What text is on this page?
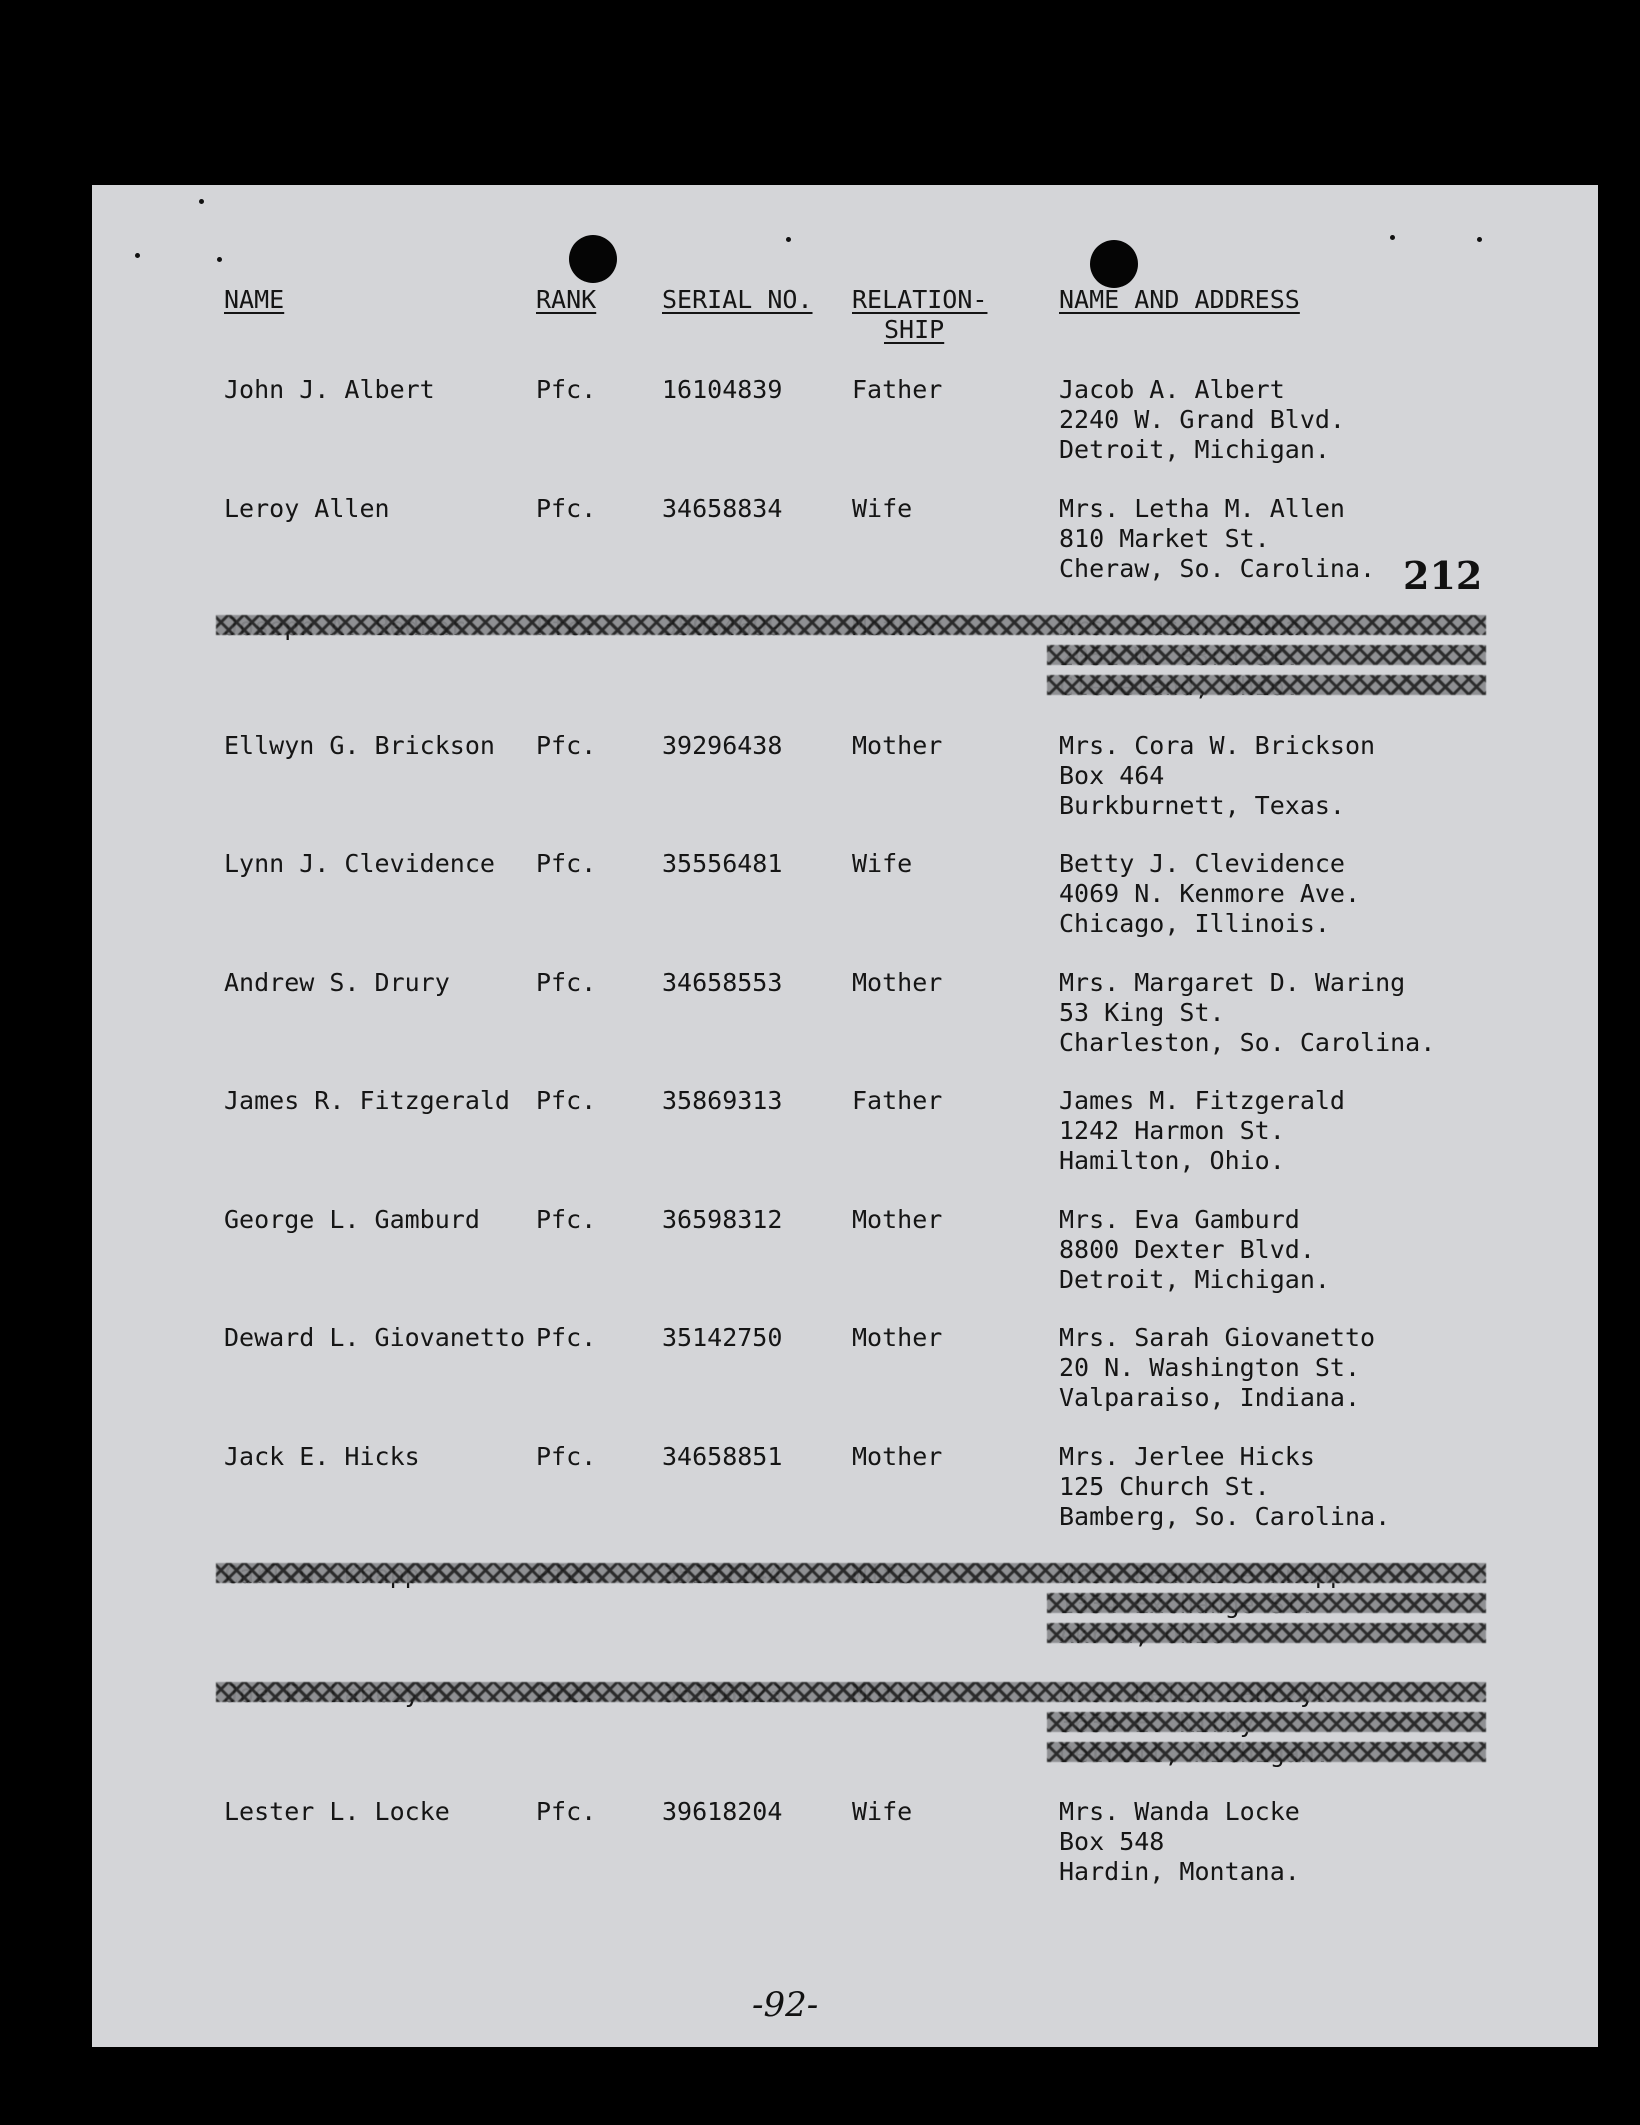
NAME	RANK	SERIAL NO. RELATION-
SHIP
NAME AND ADDRESS
212
John J. Albert	Pfc.	16104839	Father	Jacob A. Albert
2240 W. Grand Blvd.
Detroit, Michigan.
Leroy Allen	Pfc.	34658834	Wife	Mrs. Letha M. Allen
810 Market St.
Cheraw, So. Carolina.
Ellwyn G. Brickson Pfc.	39296438	Mother	Mrs. Cora W. Brickson
Box 464
Burkburnett, Texas.
Lynn J. Clevidence Pfc.	35556481	Wife	Betty J. Clevidence
4069 N. Kenmore Ave.
Chicago, Illinois.
Andrew S. Drury	Pfc.	34658553	Mother	Mrs. Margaret D. Waring
53 King St.
Charleston, So. Carolina.
James R. Fitzgerald Pfc.	35869313	Father	James M. Fitzgerald
1242 Harmon St.
Hamilton, Ohio.
George L. Gamburd Pfc.	36598312	Mother	Mrs. Eva Gamburd
8800 Dexter Blvd.
Detroit, Michigan.
Deward L. Giovanetto Pfc.	35142750	Mother	Mrs. Sarah Giovanetto
20 N. Washington St.
Valparaiso, Indiana.
Jack E. Hicks	Pfc.	34658851	Mother	Mrs. Jerlee Hicks
125 Church St.
Bamberg, So. Carolina.
Lester L. Locke	Pfc.	39618204	Wife	Mrs. Wanda Locke
Box 548
Hardin, Montana.
-92-
